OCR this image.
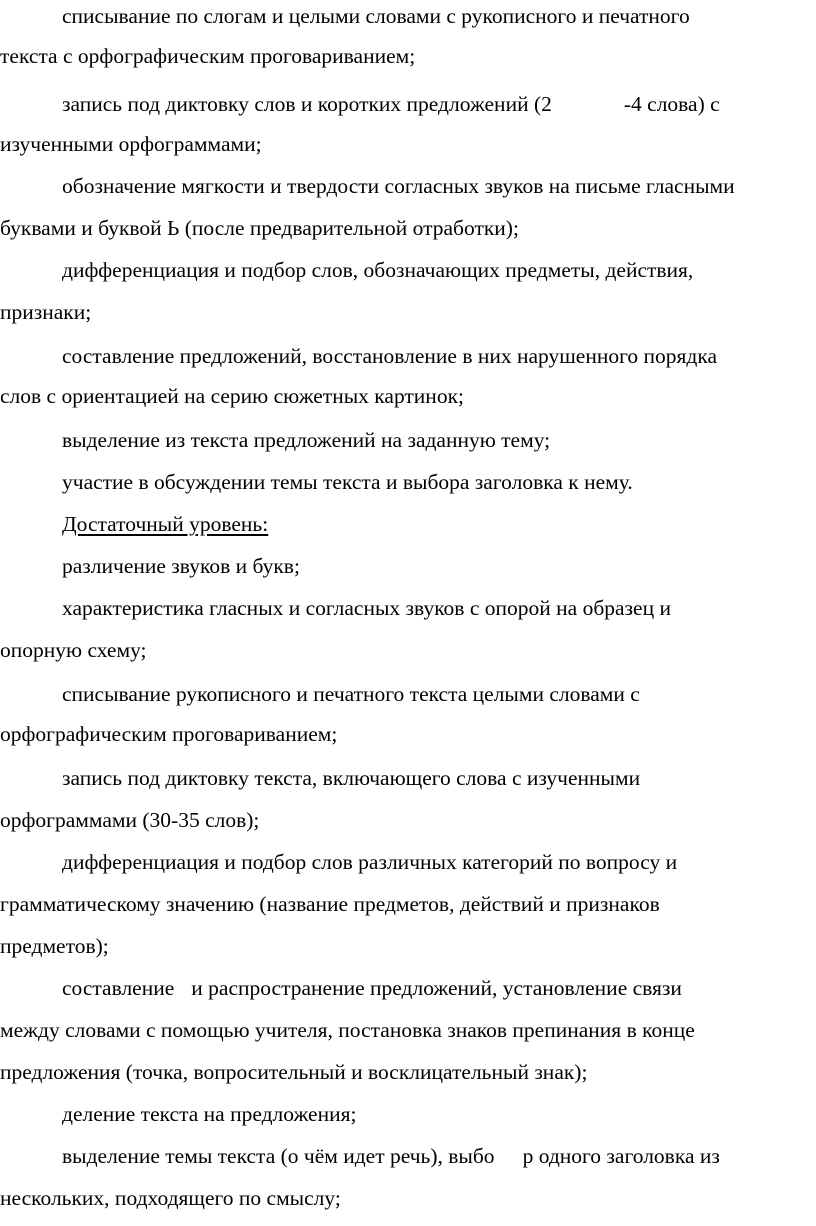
списывание по слогам и целыми словами с рукописного и печатного
текста с орфографическим проговариванием;
запись под диктовку слов и коротких предложений (2	-4 слова) с
изученными орфограммами;
обозначение мягкости и твердости согласных звуков на письме гласными
буквами и буквой Ь (после предварительной отработки);
дифференциация и подбор слов, обозначающих предметы, действия,
признаки;
составление предложений, восстановление в них нарушенного порядка
слов с ориентацией на серию сюжетных картинок;
выделение из текста предложений на заданную тему;
участие в обсуждении темы текста и выбора заголовка к нему.
Достаточный уровень:
различение звуков и букв;
характеристика гласных и согласных звуков с опорой на образец и
опорную схему;
списывание рукописного и печатного текста целыми словами с
орфографическим проговариванием;
запись под диктовку текста, включающего слова с изученными
орфограммами (30-35 слов);
дифференциация и подбор слов различных категорий по вопросу и
грамматическому значению (название предметов, действий и признаков
предметов);
составление и распространение предложений, установление связи
между словами с помощью учителя, постановка знаков препинания в конце
предложения (точка, вопросительный и восклицательный знак);
деление текста на предложения;
выделение темы текста (о чём идет речь), выбо р одного заголовка из
нескольких, подходящего по смыслу;
